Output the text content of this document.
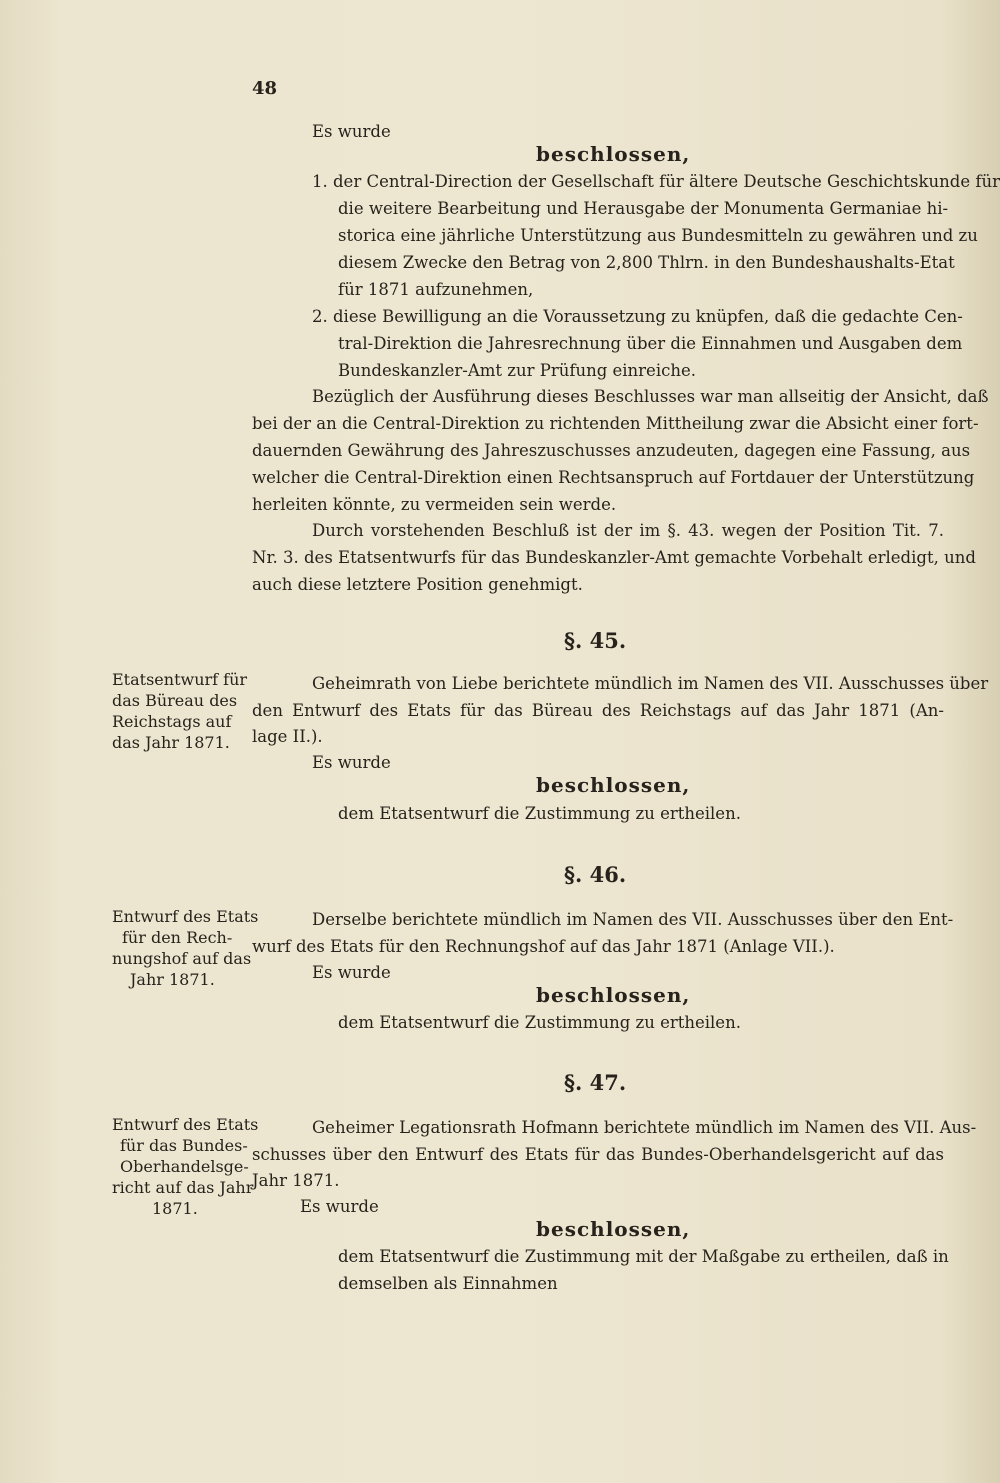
48
Es wurde
beschlossen,
1. der Central-Direction der Gesellschaft für ältere Deutsche Geschichtskunde für
die weitere Bearbeitung und Herausgabe der Monumenta Germaniae hi-
storica eine jährliche Unterstützung aus Bundesmitteln zu gewähren und zu
diesem Zwecke den Betrag von 2,800 Thlrn. in den Bundeshaushalts-Etat
für 1871 aufzunehmen,
2. diese Bewilligung an die Voraussetzung zu knüpfen, daß die gedachte Cen-
tral-Direktion die Jahresrechnung über die Einnahmen und Ausgaben dem
Bundeskanzler-Amt zur Prüfung einreiche.
Bezüglich der Ausführung dieses Beschlusses war man allseitig der Ansicht, daß
bei der an die Central-Direktion zu richtenden Mittheilung zwar die Absicht einer fort-
dauernden Gewährung des Jahreszuschusses anzudeuten, dagegen eine Fassung, aus
welcher die Central-Direktion einen Rechtsanspruch auf Fortdauer der Unterstützung
herleiten könnte, zu vermeiden sein werde.
Durch vorstehenden Beschluß ist der im §. 43. wegen der Position Tit. 7.
Nr. 3. des Etatsentwurfs für das Bundeskanzler-Amt gemachte Vorbehalt erledigt, und
auch diese letztere Position genehmigt.
§. 45.
Etatsentwurf für
das Büreau des
Reichstags auf
das Jahr 1871.
Geheimrath von Liebe berichtete mündlich im Namen des VII. Ausschusses über
den Entwurf des Etats für das Büreau des Reichstags auf das Jahr 1871 (An-
lage II.).
Es wurde
beschlossen,
dem Etatsentwurf die Zustimmung zu ertheilen.
§. 46.
Entwurf des Etats
für den Rech-
nungshof auf das
Jahr 1871.
Derselbe berichtete mündlich im Namen des VII. Ausschusses über den Ent-
wurf des Etats für den Rechnungshof auf das Jahr 1871 (Anlage VII.).
Es wurde
beschlossen,
dem Etatsentwurf die Zustimmung zu ertheilen.
§. 47.
Entwurf des Etats
für das Bundes-
Oberhandelsge-
richt auf das Jahr
1871.
Geheimer Legationsrath Hofmann berichtete mündlich im Namen des VII. Aus-
schusses über den Entwurf des Etats für das Bundes-Oberhandelsgericht auf das
Jahr 1871.
Es wurde
beschlossen,
dem Etatsentwurf die Zustimmung mit der Maßgabe zu ertheilen, daß in
demselben als Einnahmen
